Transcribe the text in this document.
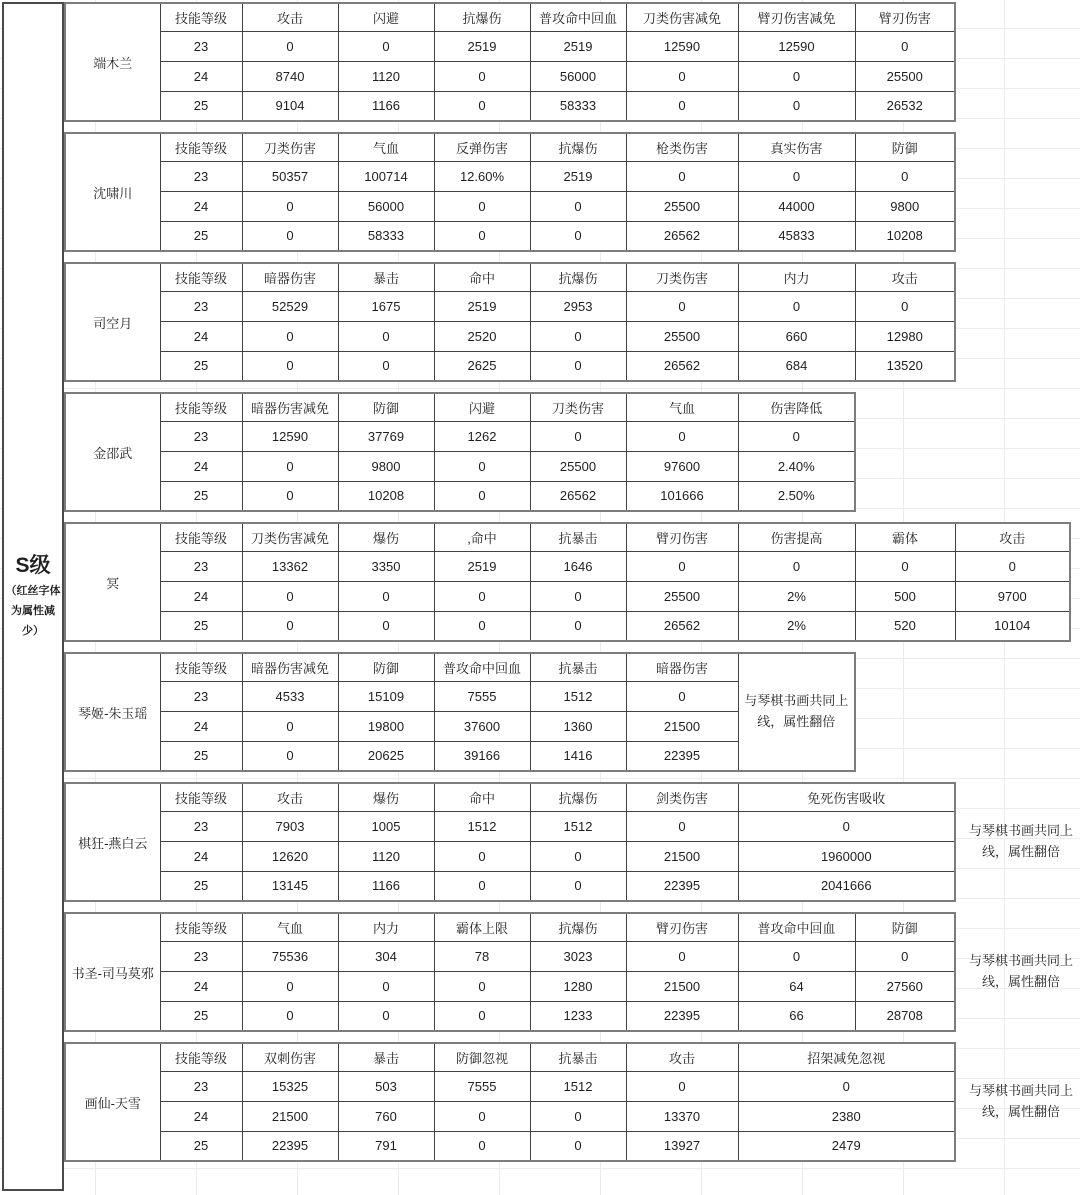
S级（红丝字体为属性减少）
端木兰	技能等级	攻击	闪避	抗爆伤	普攻命中回血	刀类伤害减免	臂刃伤害减免	臂刃伤害
	23	0	0	2519	2519	12590	12590	0
	24	8740	1120	0	56000	0	0	25500
	25	9104	1166	0	58333	0	0	26532
沈啸川	技能等级	刀类伤害	气血	反弹伤害	抗爆伤	枪类伤害	真实伤害	防御
	23	50357	100714	12.60%	2519	0	0	0
	24	0	56000	0	0	25500	44000	9800
	25	0	58333	0	0	26562	45833	10208
司空月	技能等级	暗器伤害	暴击	命中	抗爆伤	刀类伤害	内力	攻击
	23	52529	1675	2519	2953	0	0	0
	24	0	0	2520	0	25500	660	12980
	25	0	0	2625	0	26562	684	13520
金邵武	技能等级	暗器伤害减免	防御	闪避	刀类伤害	气血	伤害降低
	23	12590	37769	1262	0	0	0
	24	0	9800	0	25500	97600	2.40%
	25	0	10208	0	26562	101666	2.50%
冥	技能等级	刀类伤害减免	爆伤	,命中	抗暴击	臂刃伤害	伤害提高	霸体	攻击
	23	13362	3350	2519	1646	0	0	0	0
	24	0	0	0	0	25500	2%	500	9700
	25	0	0	0	0	26562	2%	520	10104
琴姬-朱玉瑶	技能等级	暗器伤害减免	防御	普攻命中回血	抗暴击	暗器伤害	与琴棋书画共同上线，属性翻倍
	23	4533	15109	7555	1512	0	
	24	0	19800	37600	1360	21500	
	25	0	20625	39166	1416	22395	
棋狂-燕白云	技能等级	攻击	爆伤	命中	抗爆伤	剑类伤害	免死伤害吸收
	23	7903	1005	1512	1512	0	0
	24	12620	1120	0	0	21500	1960000
	25	13145	1166	0	0	22395	2041666
与琴棋书画共同上线，属性翻倍
书圣-司马莫邪	技能等级	气血	内力	霸体上限	抗爆伤	臂刃伤害	普攻命中回血	防御
	23	75536	304	78	3023	0	0	0
	24	0	0	0	1280	21500	64	27560
	25	0	0	0	1233	22395	66	28708
与琴棋书画共同上线，属性翻倍
画仙-天雪	技能等级	双刺伤害	暴击	防御忽视	抗暴击	攻击	招架减免忽视
	23	15325	503	7555	1512	0	0
	24	21500	760	0	0	13370	2380
	25	22395	791	0	0	13927	2479
与琴棋书画共同上线，属性翻倍
